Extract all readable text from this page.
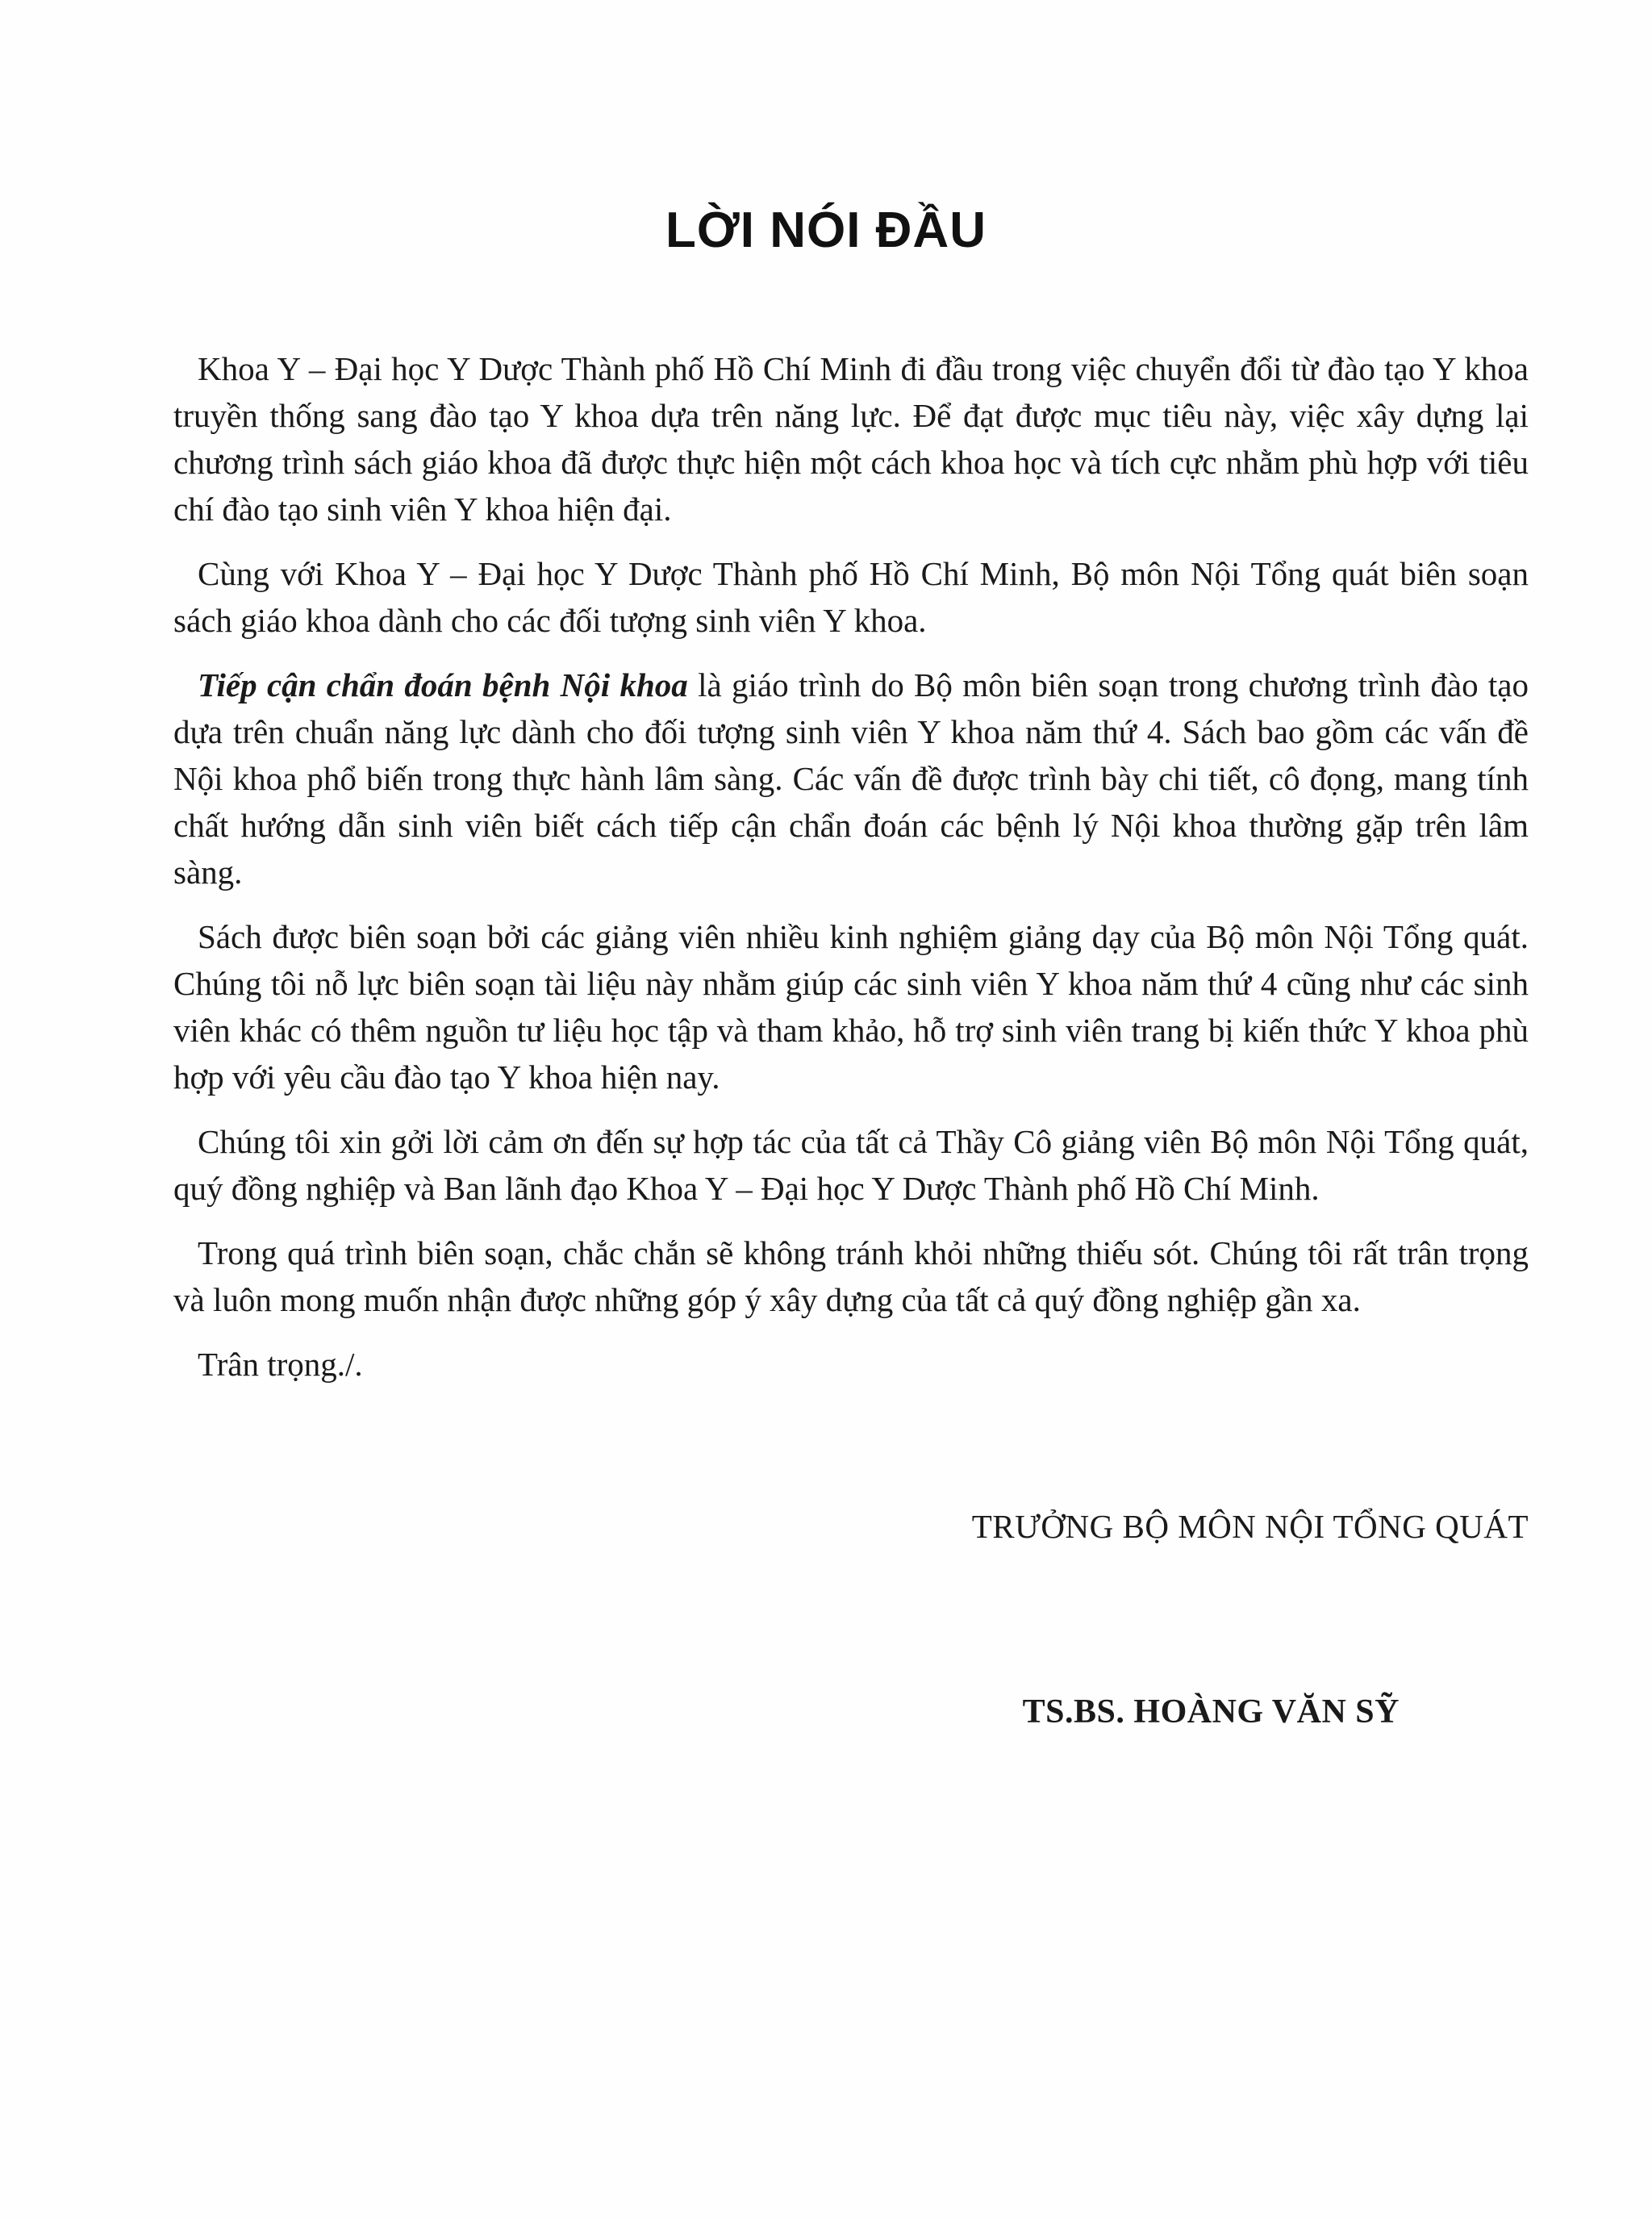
LỜI NÓI ĐẦU

Khoa Y – Đại học Y Dược Thành phố Hồ Chí Minh đi đầu trong việc chuyển đổi từ đào tạo Y khoa truyền thống sang đào tạo Y khoa dựa trên năng lực. Để đạt được mục tiêu này, việc xây dựng lại chương trình sách giáo khoa đã được thực hiện một cách khoa học và tích cực nhằm phù hợp với tiêu chí đào tạo sinh viên Y khoa hiện đại.

Cùng với Khoa Y – Đại học Y Dược Thành phố Hồ Chí Minh, Bộ môn Nội Tổng quát biên soạn sách giáo khoa dành cho các đối tượng sinh viên Y khoa.

Tiếp cận chẩn đoán bệnh Nội khoa là giáo trình do Bộ môn biên soạn trong chương trình đào tạo dựa trên chuẩn năng lực dành cho đối tượng sinh viên Y khoa năm thứ 4. Sách bao gồm các vấn đề Nội khoa phổ biến trong thực hành lâm sàng. Các vấn đề được trình bày chi tiết, cô đọng, mang tính chất hướng dẫn sinh viên biết cách tiếp cận chẩn đoán các bệnh lý Nội khoa thường gặp trên lâm sàng.

Sách được biên soạn bởi các giảng viên nhiều kinh nghiệm giảng dạy của Bộ môn Nội Tổng quát. Chúng tôi nỗ lực biên soạn tài liệu này nhằm giúp các sinh viên Y khoa năm thứ 4 cũng như các sinh viên khác có thêm nguồn tư liệu học tập và tham khảo, hỗ trợ sinh viên trang bị kiến thức Y khoa phù hợp với yêu cầu đào tạo Y khoa hiện nay.

Chúng tôi xin gởi lời cảm ơn đến sự hợp tác của tất cả Thầy Cô giảng viên Bộ môn Nội Tổng quát, quý đồng nghiệp và Ban lãnh đạo Khoa Y – Đại học Y Dược Thành phố Hồ Chí Minh.

Trong quá trình biên soạn, chắc chắn sẽ không tránh khỏi những thiếu sót. Chúng tôi rất trân trọng và luôn mong muốn nhận được những góp ý xây dựng của tất cả quý đồng nghiệp gần xa.

Trân trọng./.

TRƯỞNG BỘ MÔN NỘI TỔNG QUÁT

TS.BS. HOÀNG VĂN SỸ
